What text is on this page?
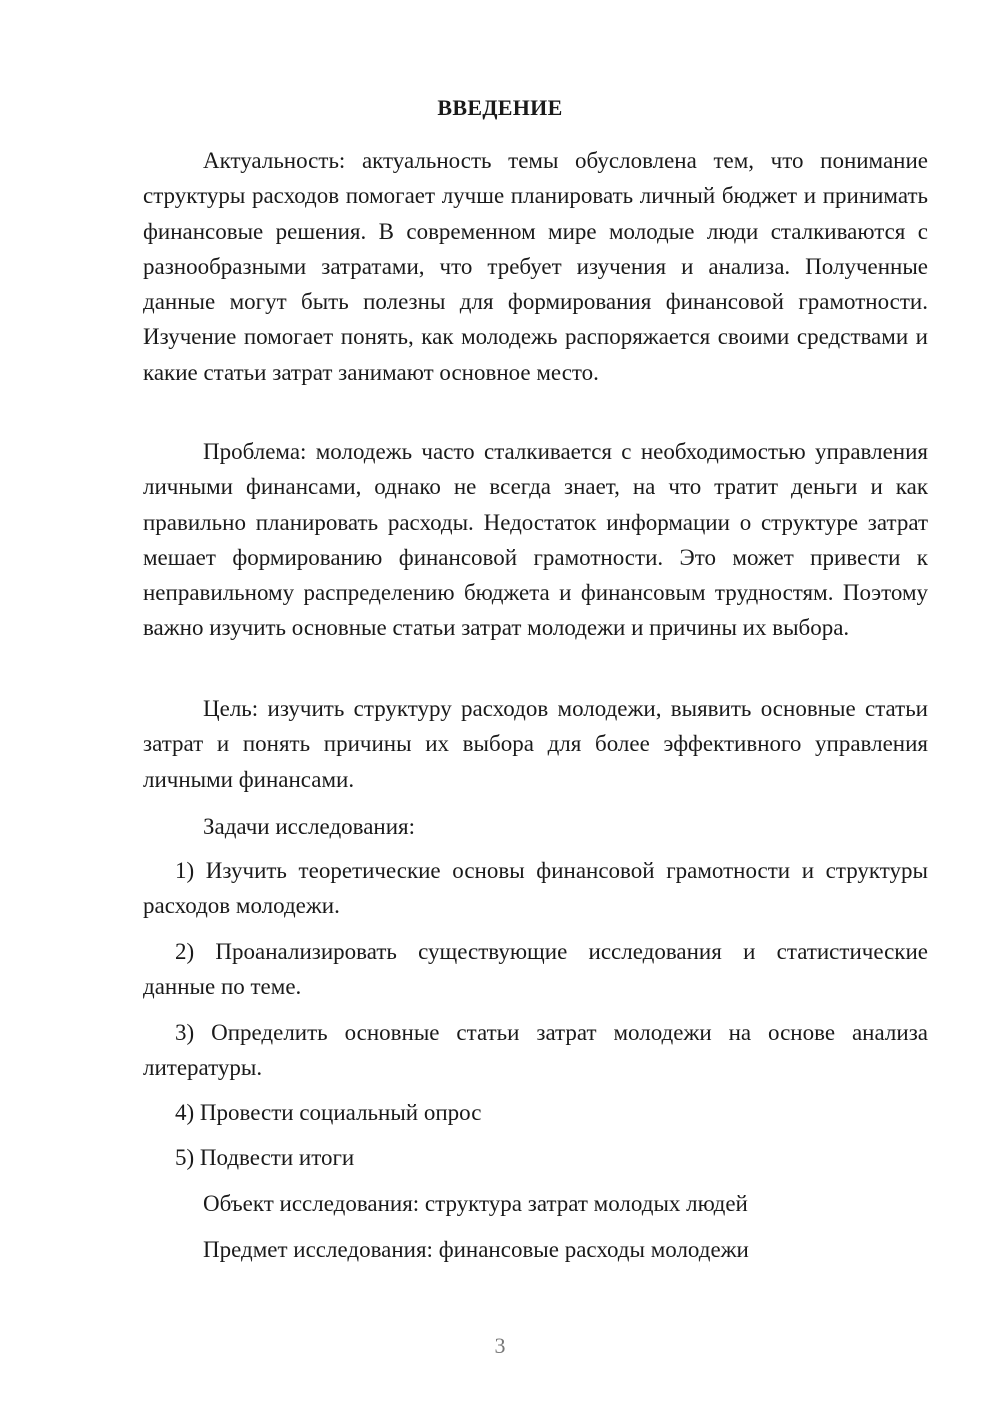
ВВЕДЕНИЕ

Актуальность: актуальность темы обусловлена тем, что понимание структуры расходов помогает лучше планировать личный бюджет и принимать финансовые решения. В современном мире молодые люди сталкиваются с разнообразными затратами, что требует изучения и анализа. Полученные данные могут быть полезны для формирования финансовой грамотности. Изучение помогает понять, как молодежь распоряжается своими средствами и какие статьи затрат занимают основное место.

Проблема: молодежь часто сталкивается с необходимостью управления личными финансами, однако не всегда знает, на что тратит деньги и как правильно планировать расходы. Недостаток информации о структуре затрат мешает формированию финансовой грамотности. Это может привести к неправильному распределению бюджета и финансовым трудностям. Поэтому важно изучить основные статьи затрат молодежи и причины их выбора.

Цель: изучить структуру расходов молодежи, выявить основные статьи затрат и понять причины их выбора для более эффективного управления личными финансами.

Задачи исследования:

1) Изучить теоретические основы финансовой грамотности и структуры расходов молодежи.

2) Проанализировать существующие исследования и статистические данные по теме.

3) Определить основные статьи затрат молодежи на основе анализа литературы.

4) Провести социальный опрос

5) Подвести итоги

Объект исследования: структура затрат молодых людей
Предмет исследования: финансовые расходы молодежи
3
